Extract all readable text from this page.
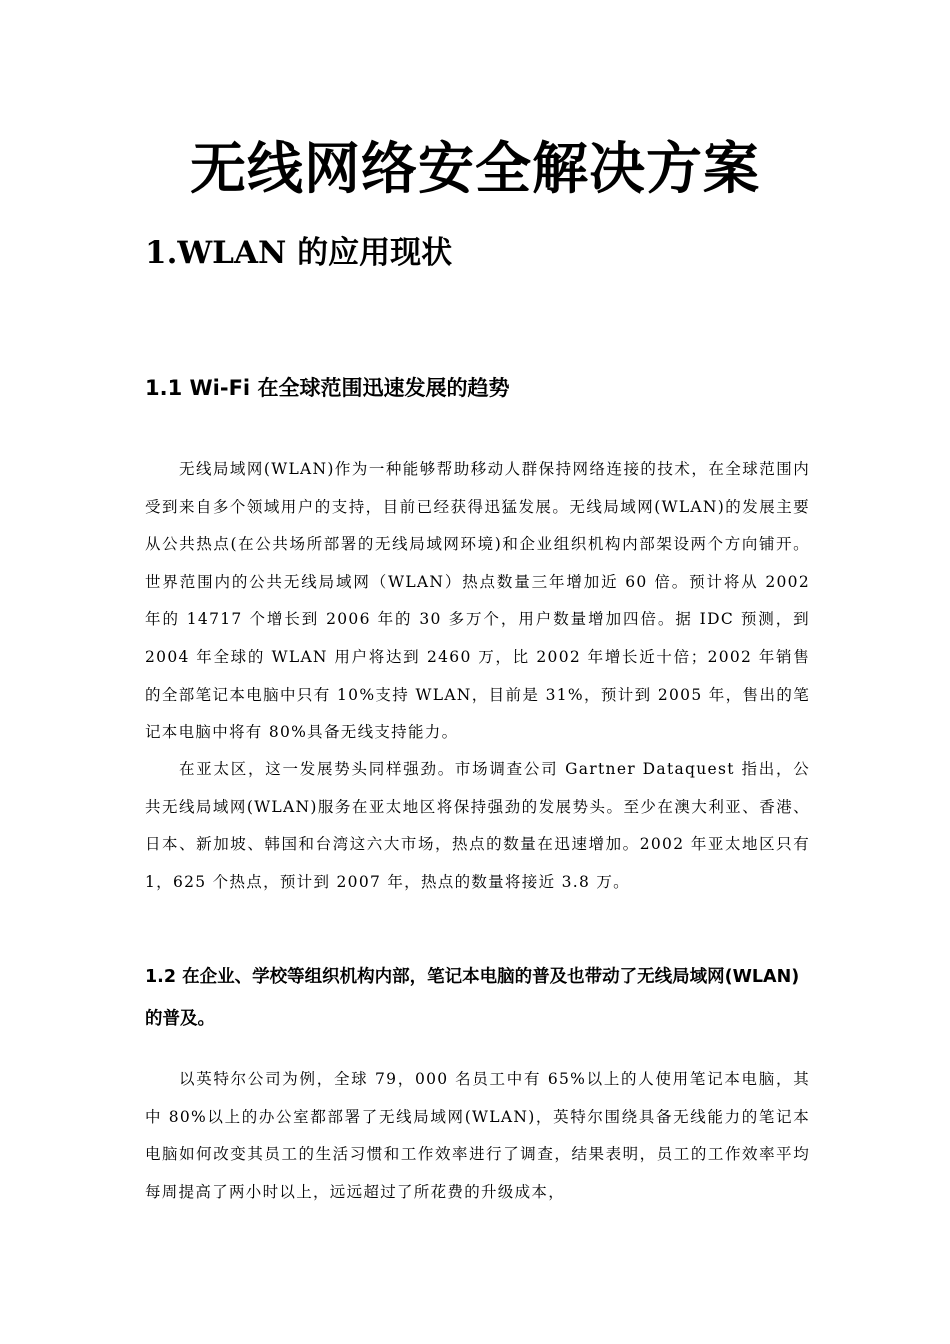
无线网络安全解决方案
1.WLAN 的应用现状
1.1 Wi-Fi 在全球范围迅速发展的趋势

无线局域网(WLAN)作为一种能够帮助移动人群保持网络连接的技术，在全球范围内受到来自多个领域用户的支持，目前已经获得迅猛发展。无线局域网(WLAN)的发展主要从公共热点(在公共场所部署的无线局域网环境)和企业组织机构内部架设两个方向铺开。世界范围内的公共无线局域网（WLAN）热点数量三年增加近 60 倍。预计将从 2002 年的 14717 个增长到 2006 年的 30 多万个，用户数量增加四倍。据 IDC 预测，到 2004 年全球的 WLAN 用户将达到 2460 万，比 2002 年增长近十倍；2002 年销售的全部笔记本电脑中只有 10%支持 WLAN，目前是 31%，预计到 2005 年，售出的笔记本电脑中将有 80%具备无线支持能力。

在亚太区，这一发展势头同样强劲。市场调查公司 Gartner Dataquest 指出，公共无线局域网(WLAN)服务在亚太地区将保持强劲的发展势头。至少在澳大利亚、香港、日本、新加坡、韩国和台湾这六大市场，热点的数量在迅速增加。2002 年亚太地区只有 1，625 个热点，预计到 2007 年，热点的数量将接近 3.8 万。

1.2 在企业、学校等组织机构内部，笔记本电脑的普及也带动了无线局域网(WLAN)的普及。

以英特尔公司为例，全球 79，000 名员工中有 65%以上的人使用笔记本电脑，其中 80%以上的办公室都部署了无线局域网(WLAN)，英特尔围绕具备无线能力的笔记本电脑如何改变其员工的生活习惯和工作效率进行了调查，结果表明，员工的工作效率平均每周提高了两小时以上，远远超过了所花费的升级成本，
